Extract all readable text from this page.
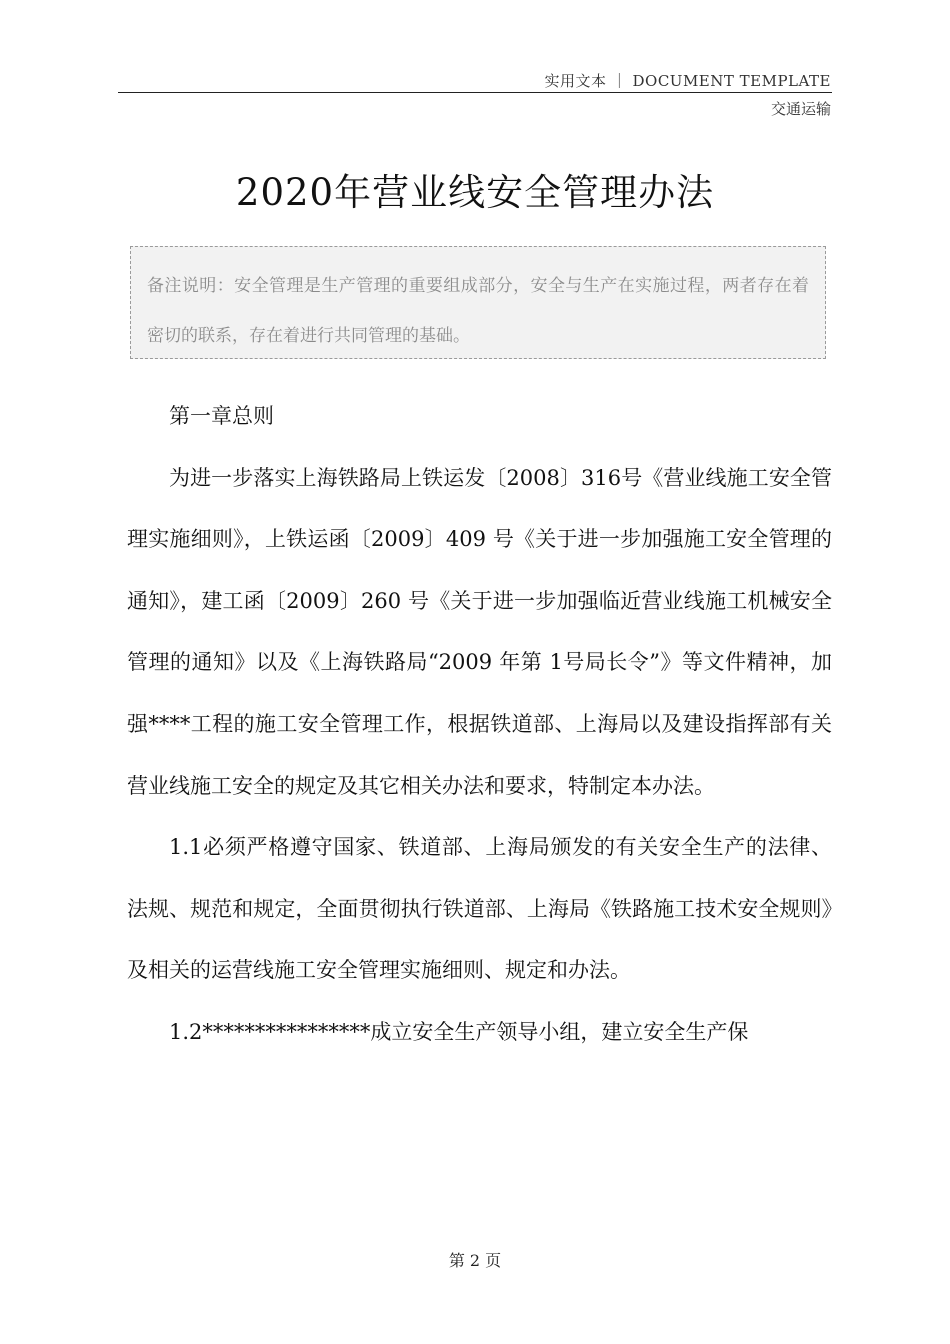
实用文本 ｜ DOCUMENT TEMPLATE
交通运输
2020年营业线安全管理办法
备注说明：安全管理是生产管理的重要组成部分，安全与生产在实施过程，两者存在着密切的联系，存在着进行共同管理的基础。

第一章总则

为进一步落实上海铁路局上铁运发〔2008〕316号《营业线施工安全管理实施细则》，上铁运函〔2009〕409 号《关于进一步加强施工安全管理的通知》，建工函〔2009〕260 号《关于进一步加强临近营业线施工机械安全管理的通知》以及《上海铁路局“2009 年第 1号局长令”》等文件精神，加强****工程的施工安全管理工作，根据铁道部、上海局以及建设指挥部有关营业线施工安全的规定及其它相关办法和要求，特制定本办法。

1.1必须严格遵守国家、铁道部、上海局颁发的有关安全生产的法律、法规、规范和规定，全面贯彻执行铁道部、上海局《铁路施工技术安全规则》及相关的运营线施工安全管理实施细则、规定和办法。

1.2****************成立安全生产领导小组，建立安全生产保

第 2 页
